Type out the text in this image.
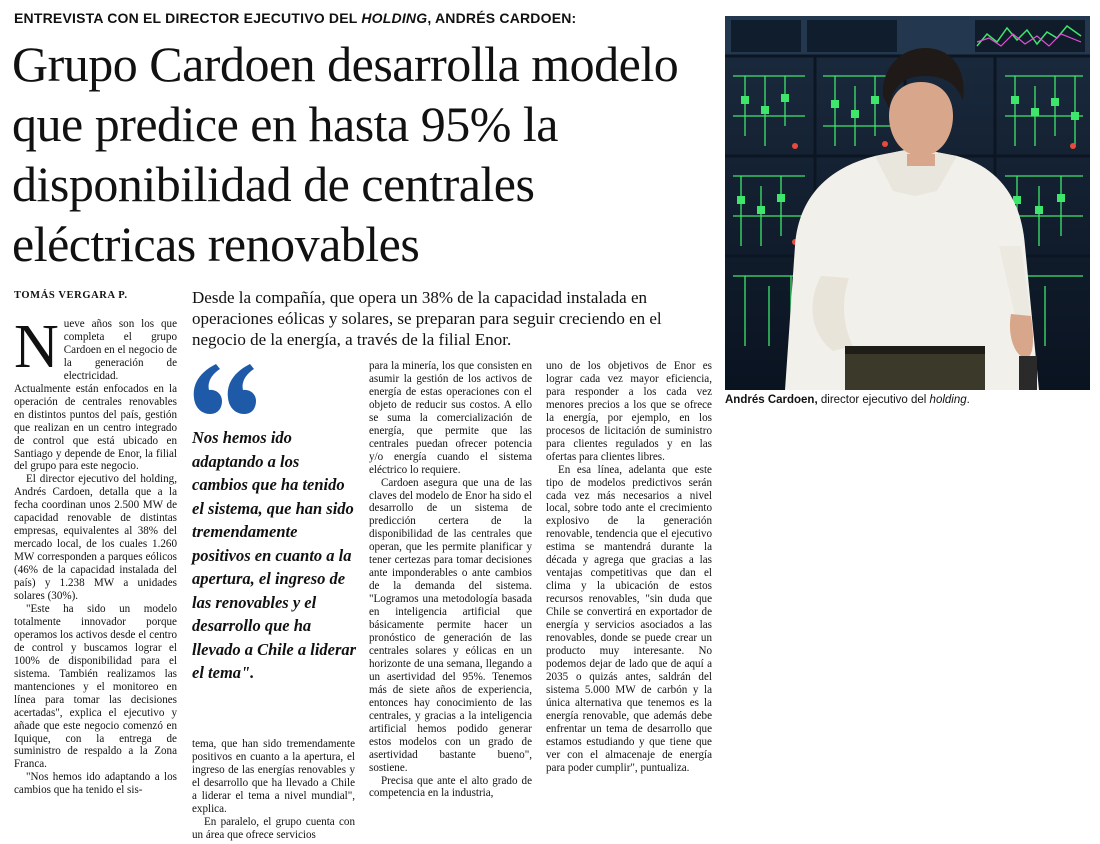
ENTREVISTA CON EL DIRECTOR EJECUTIVO DEL HOLDING, ANDRÉS CARDOEN:
Grupo Cardoen desarrolla modelo que predice en hasta 95% la disponibilidad de centrales eléctricas renovables
TOMÁS VERGARA P.	Desde la compañía, que opera un 38% de la capacidad instalada en operaciones eólicas y solares, se preparan para seguir creciendo en el negocio de la energía, a través de la filial Enor.

Nueve años son los que completa el grupo Cardoen en el negocio de la generación de electricidad. Actualmente están enfocados en la operación de centrales renovables en distintos puntos del país, gestión que realizan en un centro integrado de control que está ubicado en Santiago y depende de Enor, la filial del grupo para este negocio.

El director ejecutivo del holding, Andrés Cardoen, detalla que a la fecha coordinan unos 2.500 MW de capacidad renovable de distintas empresas, equivalentes al 38% del mercado local, de los cuales 1.260 MW corresponden a parques eólicos (46% de la capacidad instalada del país) y 1.238 MW a unidades solares (30%).

"Este ha sido un modelo totalmente innovador porque operamos los activos desde el centro de control y buscamos lograr el 100% de disponibilidad para el sistema. También realizamos las mantenciones y el monitoreo en línea para tomar las decisiones acertadas", explica el ejecutivo y añade que este negocio comenzó en Iquique, con la entrega de suministro de respaldo a la Zona Franca.

"Nos hemos ido adaptando a los cambios que ha tenido el sis-

Nos hemos ido adaptando a los cambios que ha tenido el sistema, que han sido tremendamente positivos en cuanto a la apertura, el ingreso de las renovables y el desarrollo que ha llevado a Chile a liderar el tema".

tema, que han sido tremendamente positivos en cuanto a la apertura, el ingreso de las energías renovables y el desarrollo que ha llevado a Chile a liderar el tema a nivel mundial", explica.

En paralelo, el grupo cuenta con un área que ofrece servicios

para la minería, los que consisten en asumir la gestión de los activos de energía de estas operaciones con el objeto de reducir sus costos. A ello se suma la comercialización de energía, que permite que las centrales puedan ofrecer potencia y/o energía cuando el sistema eléctrico lo requiere.

Cardoen asegura que una de las claves del modelo de Enor ha sido el desarrollo de un sistema de predicción certera de la disponibilidad de las centrales que operan, que les permite planificar y tener certezas para tomar decisiones ante imponderables o ante cambios de la demanda del sistema. "Logramos una metodología basada en inteligencia artificial que básicamente permite hacer un pronóstico de generación de las centrales solares y eólicas en un horizonte de una semana, llegando a un asertividad del 95%. Tenemos más de siete años de experiencia, entonces hay conocimiento de las centrales, y gracias a la inteligencia artificial hemos podido generar estos modelos con un grado de asertividad bastante bueno", sostiene.

Precisa que ante el alto grado de competencia en la industria,

uno de los objetivos de Enor es lograr cada vez mayor eficiencia, para responder a los cada vez menores precios a los que se ofrece la energía, por ejemplo, en los procesos de licitación de suministro para clientes regulados y en las ofertas para clientes libres.

En esa línea, adelanta que este tipo de modelos predictivos serán cada vez más necesarios a nivel local, sobre todo ante el crecimiento explosivo de la generación renovable, tendencia que el ejecutivo estima se mantendrá durante la década y agrega que gracias a las ventajas competitivas que dan el clima y la ubicación de estos recursos renovables, "sin duda que Chile se convertirá en exportador de energía y servicios asociados a las renovables, donde se puede crear un producto muy interesante. No podemos dejar de lado que de aquí a 2035 o quizás antes, saldrán del sistema 5.000 MW de carbón y la única alternativa que tenemos es la energía renovable, que además debe enfrentar un tema de desarrollo que estamos estudiando y que tiene que ver con el almacenaje de energía para poder cumplir", puntualiza.

Andrés Cardoen, director ejecutivo del holding.
